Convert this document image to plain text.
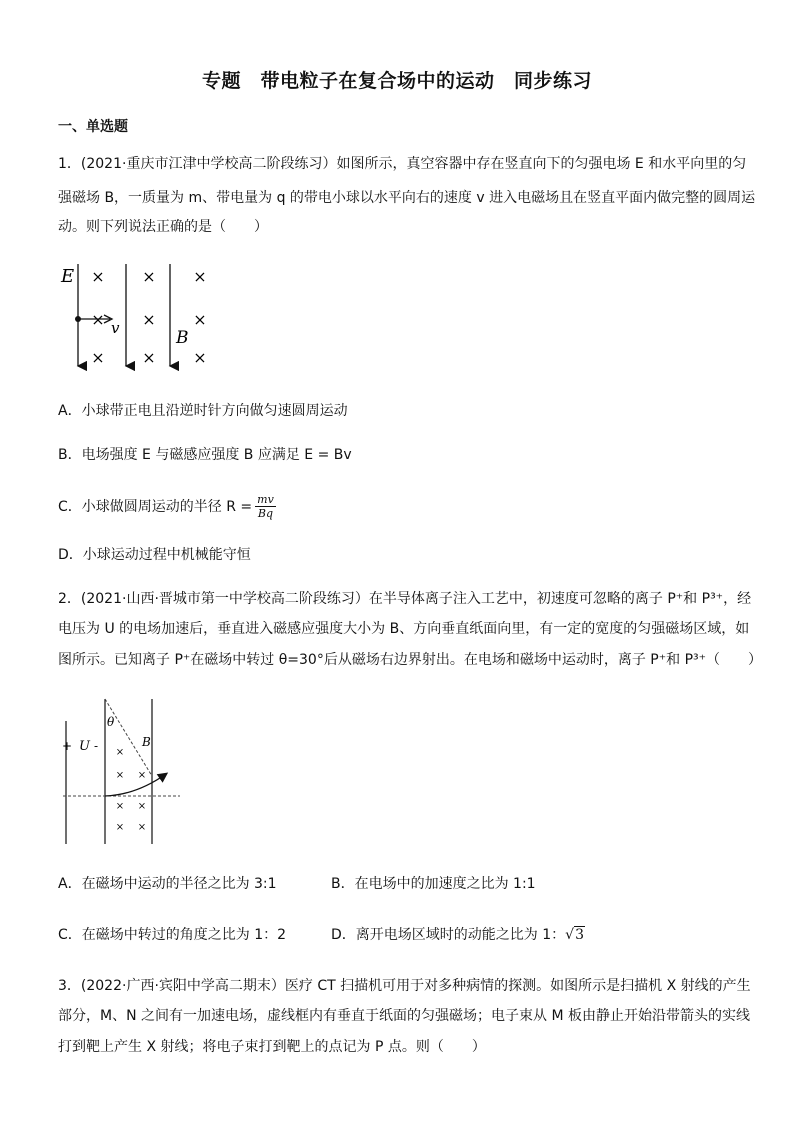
专题　带电粒子在复合场中的运动　同步练习
一、单选题
1．(2021·重庆市江津中学校高二阶段练习）如图所示，真空容器中存在竖直向下的匀强电场 E 和水平向里的匀
强磁场 B，一质量为 m、带电量为 q 的带电小球以水平向右的速度 v 进入电磁场且在竖直平面内做完整的圆周运
动。则下列说法正确的是（　　）
E
B
v
× × ×
× × ×
× × ×
A．小球带正电且沿逆时针方向做匀速圆周运动
B．电场强度 E 与磁感应强度 B 应满足 E = Bv
C．小球做圆周运动的半径 $R = \frac{mv}{Bq}$
D．小球运动过程中机械能守恒
2．(2021·山西·晋城市第一中学校高二阶段练习）在半导体离子注入工艺中，初速度可忽略的离子 P⁺和 P³⁺，经
电压为 U 的电场加速后，垂直进入磁感应强度大小为 B、方向垂直纸面向里，有一定的宽度的匀强磁场区域，如
图所示。已知离子 P⁺在磁场中转过 θ=30°后从磁场右边界射出。在电场和磁场中运动时，离子 P⁺和 P³⁺（　　）
+ U -
θ
B
×
× ×
× ×
× ×
A．在磁场中运动的半径之比为 3:1	B．在电场中的加速度之比为 1:1
C．在磁场中转过的角度之比为 1：2	D．离开电场区域时的动能之比为 1：√3
3．(2022·广西·宾阳中学高二期末）医疗 CT 扫描机可用于对多种病情的探测。如图所示是扫描机 X 射线的产生
部分，M、N 之间有一加速电场，虚线框内有垂直于纸面的匀强磁场；电子束从 M 板由静止开始沿带箭头的实线
打到靶上产生 X 射线；将电子束打到靶上的点记为 P 点。则（　　）
